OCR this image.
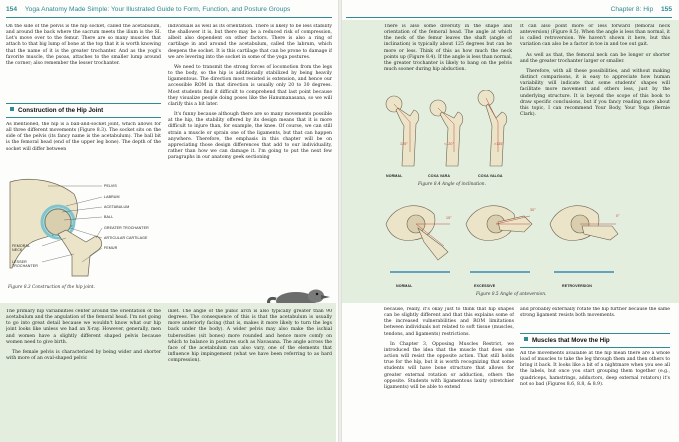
154 Yoga Anatomy Made Simple: Your Illustrated Guide to Form, Function, and Posture Groups	Chapter 8: Hip 155

On the side of the pelvis is the hip socket, called the acetabulum, and around the back where the sacrum meets the ilium is the SI. Let's move over to the femur. There are so many muscles that attach to that big lump of bone at the top that it is worth knowing that the name of it is the greater trochanter. And as the yogi's favorite muscle, the psoas, attaches to the smaller lump around the corner; also remember the lesser trochanter.

Construction of the Hip Joint

As mentioned, the hip is a ball-and-socket joint, which allows for all three different movements (Figure 8.3). The socket sits on the side of the pelvis (its fancy name is the acetabulum). The ball bit is the femoral head (end of the upper leg bone). The depth of the socket will differ between

individuals as well as its orientation. There is likely to be less stability the shallower it is, but there may be a reduced risk of compression, albeit also dependent on other factors. There is also a ring of cartilage in and around the acetabulum, called the labrum, which deepens the socket. It is this cartilage that can be prone to damage if we are levering into the socket in some of the yoga postures.

We need to transmit the strong forces of locomotion from the legs to the body, so the hip is additionally stabilized by being heavily ligamentous. The direction most resisted is extension, and hence our accessible ROM in that direction is usually only 20 to 30 degrees. Most students find it difficult to comprehend that last point because they visualize people doing poses like the Hanumanasana, so we will clarify this a bit later.

It's funny because although there are so many movements possible at the hip, the stability offered by its design means that it is more difficult to injure than, for example, the knee. Of course, we can still strain a muscle or sprain one of the ligaments, but that can happen anywhere. Therefore, the emphasis in this chapter will be on appreciating those design differences that add to our individuality, rather than how we can damage it. I'm going to put the next few paragraphs in our anatomy geek sectioning

PELVIS
LABRUM
ACETABULUM
BALL
GREATER TROCHANTER
ARTICULAR CARTILAGE
FEMUR
FEMORAL NECK
LESSER TROCHANTER
Figure 8.3 Construction of the hip joint.

The primary hip variabilities center around the orientation of the acetabulum and the angulation of the femoral head. I'm not going to go into great detail because we wouldn't know what our hip joint looks like unless we had an X-ray. However, generally, men and women have a slightly different shaped pelvis because women need to give birth.

The female pelvis is characterized by being wider and shorter with more of an oval-shaped pelvic

inlet. The angle of the pubic arch is also typically greater than 90 degrees. The consequence of this is that the acetabulum is usually more anteriorly facing (that is, makes it more likely to turn the legs back under the body). A wider pelvis may also make the ischial tuberosities (sit bones) more rounded and hence more comfy on which to balance in postures such as Navasana. The angle across the face of the acetabulum can also vary, one of the elements that influence hip impingement (what we have been referring to as hard compression).

There is also some diversity in the shape and orientation of the femoral head. The angle at which the neck of the femur leaves the shaft (angle of inclination) is typically about 125 degrees but can be more or less. Think of this as how much the neck points up (Figure 8.4). If the angle is less than normal, the greater trochanter is likely to bang on the pelvis much sooner during hip abduction.

It can also point more or less forward (femoral neck anteversion) (Figure 8.5). When the angle is less than normal, it is called retroversion. We haven't shown it here, but this variation can also be a factor in toe in and toe out gait.

As well as that, the femoral neck can be longer or shorter and the greater trochanter larger or smaller.

Therefore, with all these possibilities, and without making distinct comparisons, it is easy to appreciate how human variability will indicate that some students' shapes will facilitate more movement and others less, just by the underlying structure. It is beyond the scope of this book to draw specific conclusions, but if you fancy reading more about this topic, I can recommend Your Body, Your Yoga (Bernie Clark).

125°	<120°	>135°
NORMAL	COXA VARA	COXA VALGA
Figure 8.4 Angle of inclination.
15°
30°
0°
NORMAL	EXCESSIVE	RETROVERSION
Figure 8.5 Angle of anteversion.

because, really, it's okay just to think that hip shapes can be slightly different and that this explains some of the increased vulnerabilities and ROM limitations between individuals not related to soft tissue (muscles, tendons, and ligaments) restrictions.

In Chapter 3, Opposing Muscles Restrict, we introduced the idea that the muscle that does one action will resist the opposite action. That still holds true for the hip, but it is worth recognizing that some students will have bone structure that allows for greater external rotation or adduction, others the opposite. Students with ligamentous laxity (stretchier ligaments) will be able to extend

and probably externally rotate the hip further because the same strong ligament resists both movements.

Muscles that Move the Hip

All the movements available at the hip mean there are a whole load of muscles to take the leg through them and then others to bring it back. It looks like a bit of a nightmare when you see all the labels, but once you start grouping them together (e.g., quadriceps, hamstrings, adductors, deep external rotators) it's not so bad (Figures 8.6, 8.8, & 8.9).
